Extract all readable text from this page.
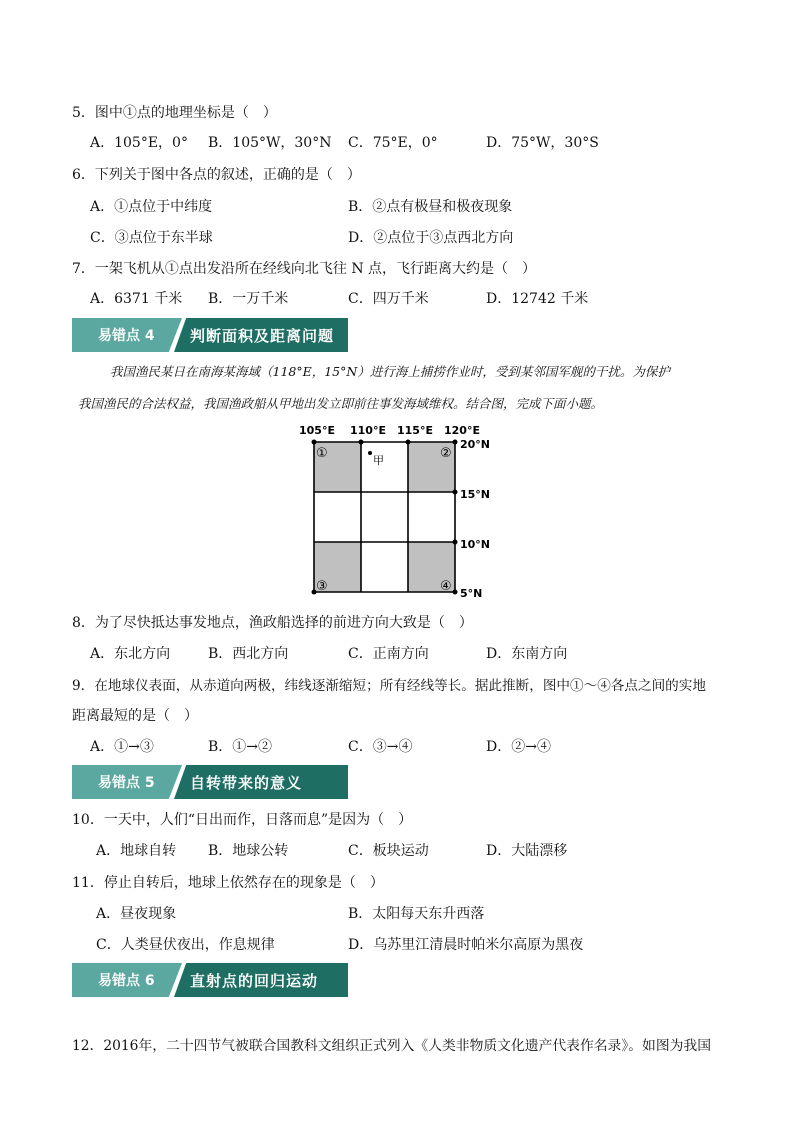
5．图中①点的地理坐标是（　）
A．105°E，0° B．105°W，30°N C．75°E，0°	D．75°W，30°S
6．下列关于图中各点的叙述，正确的是（　）
A．①点位于中纬度	B．②点有极昼和极夜现象
C．③点位于东半球	D．②点位于③点西北方向
7．一架飞机从①点出发沿所在经线向北飞往 N 点，飞行距离大约是（　）
A．6371 千米 B．一万千米	C．四万千米	D．12742 千米
易错点 4 判断面积及距离问题
我国渔民某日在南海某海域（118°E，15°N）进行海上捕捞作业时，受到某邻国军舰的干扰。为保护
我国渔民的合法权益，我国渔政船从甲地出发立即前往事发海域维权。结合图，完成下面小题。
甲
105°E 110°E 115°E 120°E
20°N
15°N
10°N
5°N
①	②
③	④
8．为了尽快抵达事发地点，渔政船选择的前进方向大致是（　）
A．东北方向	B．西北方向	C．正南方向	D．东南方向
9．在地球仪表面，从赤道向两极，纬线逐渐缩短；所有经线等长。据此推断，图中①～④各点之间的实地
距离最短的是（　）
A．①→③	B．①→②	C．③→④	D．②→④
易错点 5 自转带来的意义
10．一天中，人们“日出而作，日落而息”是因为（　）
A．地球自转 B．地球公转	C．板块运动	D．大陆漂移
11．停止自转后，地球上依然存在的现象是（　）
A．昼夜现象	B．太阳每天东升西落
C．人类昼伏夜出，作息规律	D．乌苏里江清晨时帕米尔高原为黑夜
易错点 6 直射点的回归运动
12．2016年，二十四节气被联合国教科文组织正式列入《人类非物质文化遗产代表作名录》。如图为我国
